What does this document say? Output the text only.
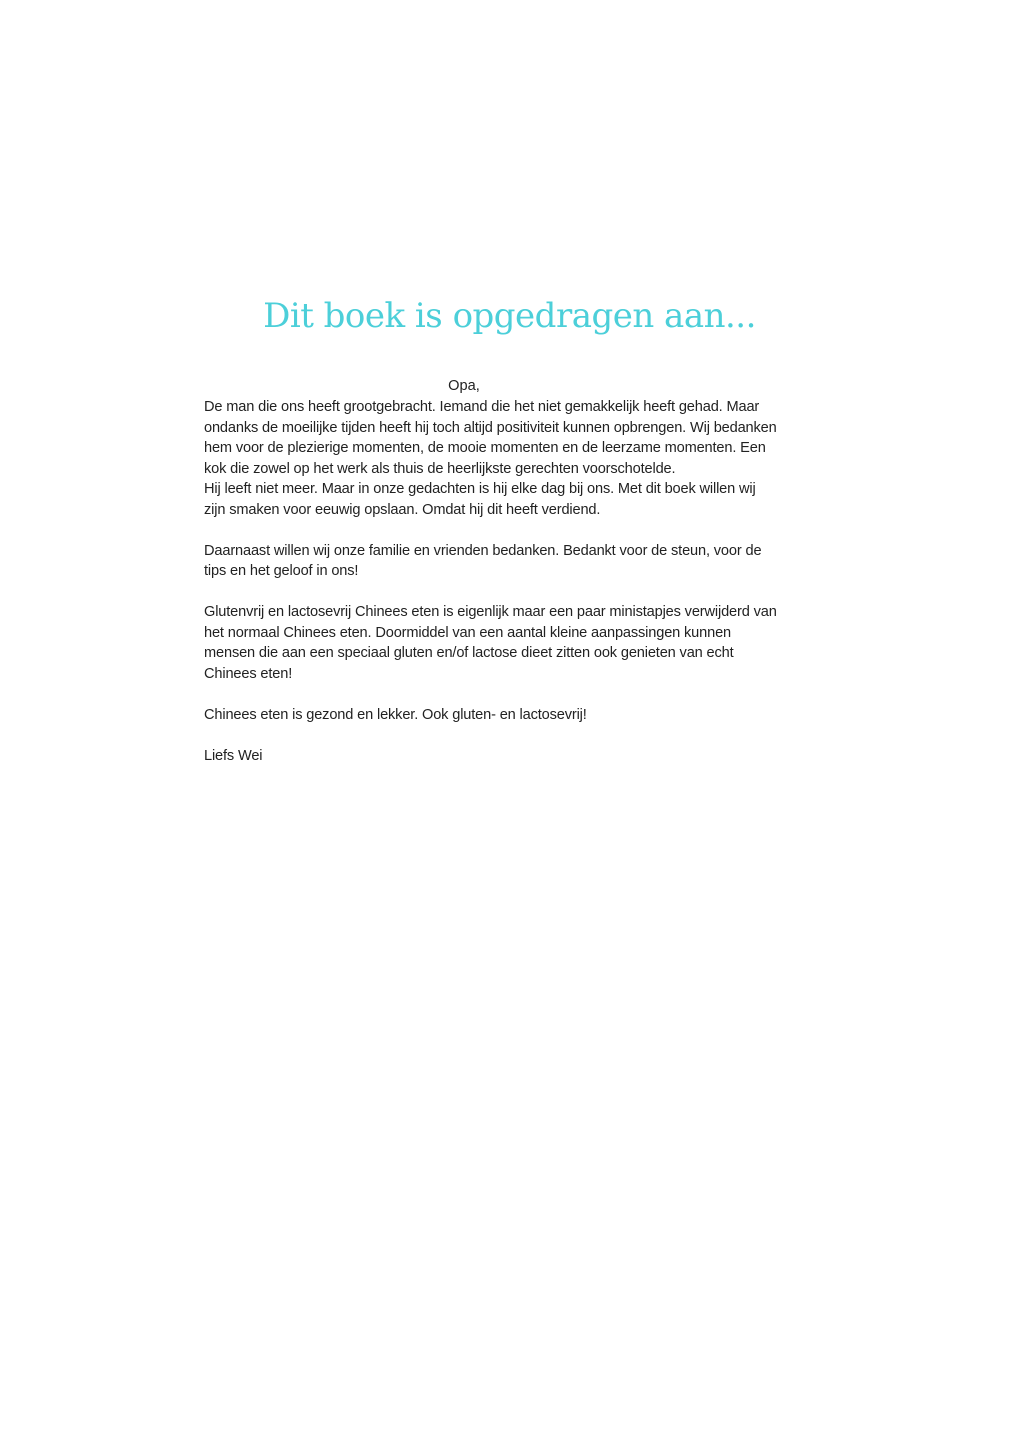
Dit boek is opgedragen aan...
Opa,

De man die ons heeft grootgebracht. Iemand die het niet gemakkelijk heeft gehad. Maar
ondanks de moeilijke tijden heeft hij toch altijd positiviteit kunnen opbrengen. Wij bedanken
hem voor de plezierige momenten, de mooie momenten en de leerzame momenten. Een
kok die zowel op het werk als thuis de heerlijkste gerechten voorschotelde.
Hij leeft niet meer. Maar in onze gedachten is hij elke dag bij ons. Met dit boek willen wij
zijn smaken voor eeuwig opslaan. Omdat hij dit heeft verdiend.

Daarnaast willen wij onze familie en vrienden bedanken. Bedankt voor de steun, voor de
tips en het geloof in ons!

Glutenvrij en lactosevrij Chinees eten is eigenlijk maar een paar ministapjes verwijderd van
het normaal Chinees eten. Doormiddel van een aantal kleine aanpassingen kunnen
mensen die aan een speciaal gluten en/of lactose dieet zitten ook genieten van echt
Chinees eten!

Chinees eten is gezond en lekker. Ook gluten- en lactosevrij!

Liefs Wei
